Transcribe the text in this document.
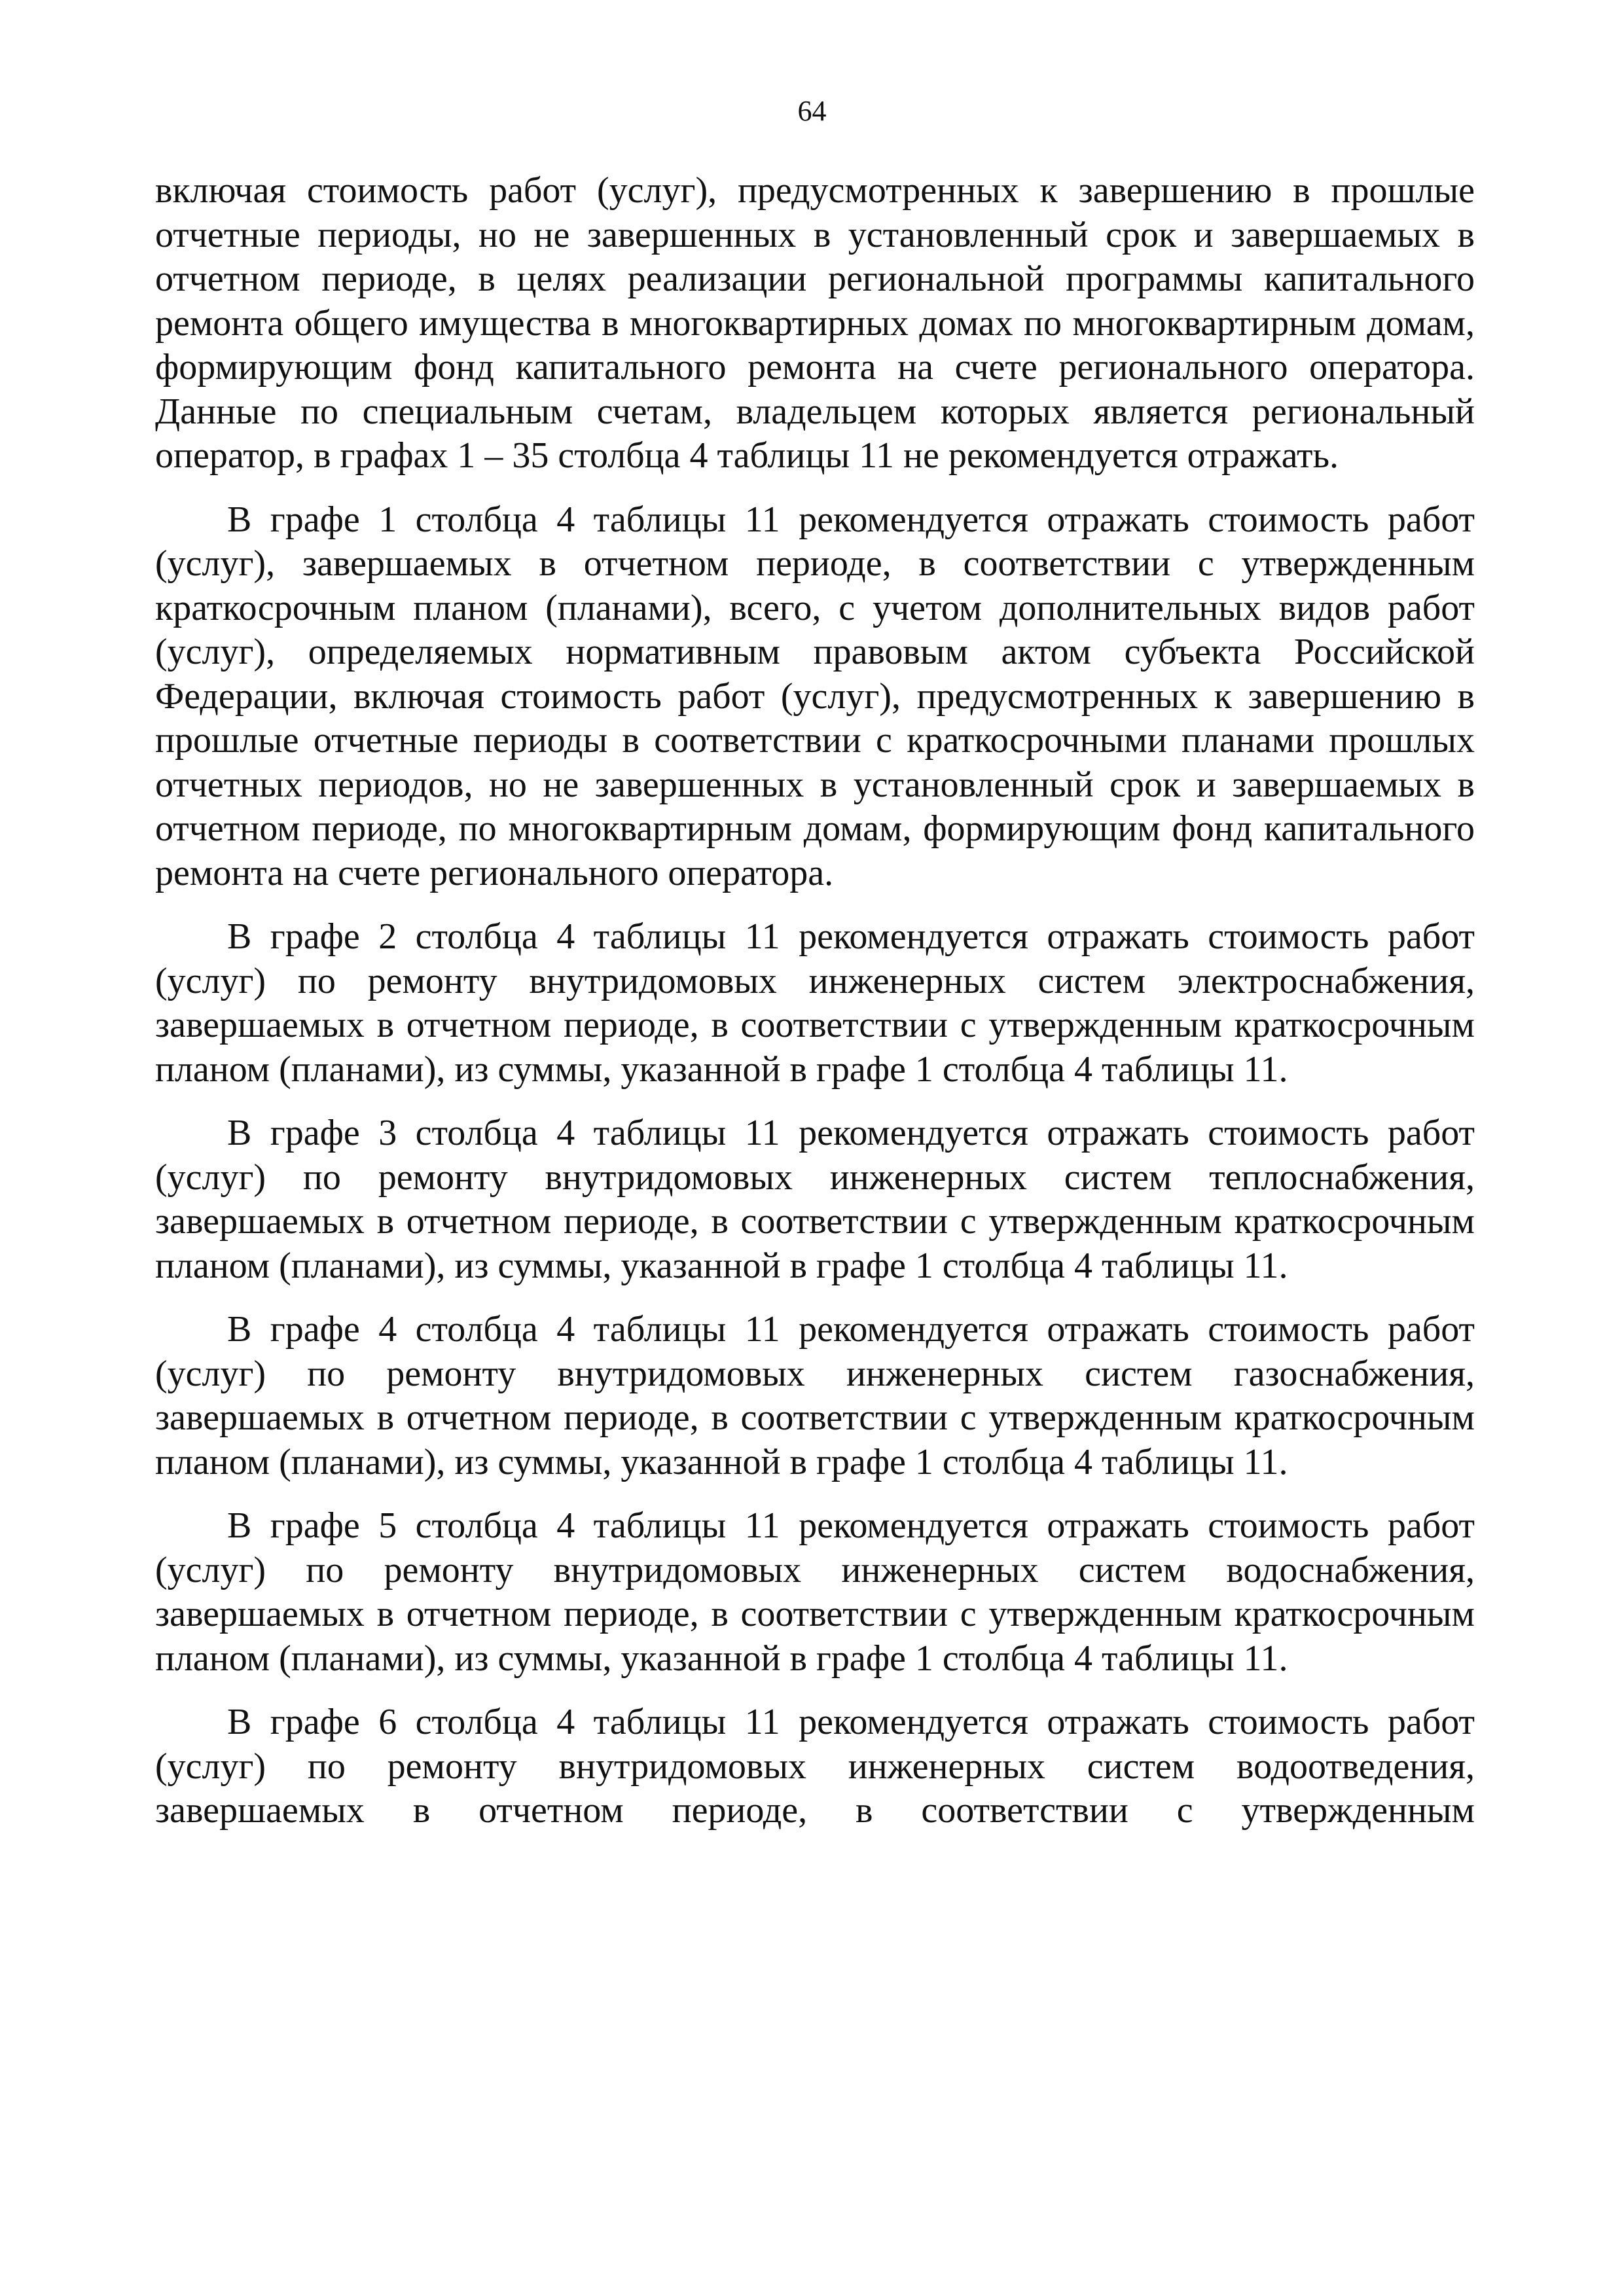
64

включая стоимость работ (услуг), предусмотренных к завершению в прошлые отчетные периоды, но не завершенных в установленный срок и завершаемых в отчетном периоде, в целях реализации региональной программы капитального ремонта общего имущества в многоквартирных домах по многоквартирным домам, формирующим фонд капитального ремонта на счете регионального оператора. Данные по специальным счетам, владельцем которых является региональный оператор, в графах 1 – 35 столбца 4 таблицы 11 не рекомендуется отражать.

В графе 1 столбца 4 таблицы 11 рекомендуется отражать стоимость работ (услуг), завершаемых в отчетном периоде, в соответствии с утвержденным краткосрочным планом (планами), всего, с учетом дополнительных видов работ (услуг), определяемых нормативным правовым актом субъекта Российской Федерации, включая стоимость работ (услуг), предусмотренных к завершению в прошлые отчетные периоды в соответствии с краткосрочными планами прошлых отчетных периодов, но не завершенных в установленный срок и завершаемых в отчетном периоде, по многоквартирным домам, формирующим фонд капитального ремонта на счете регионального оператора.

В графе 2 столбца 4 таблицы 11 рекомендуется отражать стоимость работ (услуг) по ремонту внутридомовых инженерных систем электроснабжения, завершаемых в отчетном периоде, в соответствии с утвержденным краткосрочным планом (планами), из суммы, указанной в графе 1 столбца 4 таблицы 11.

В графе 3 столбца 4 таблицы 11 рекомендуется отражать стоимость работ (услуг) по ремонту внутридомовых инженерных систем теплоснабжения, завершаемых в отчетном периоде, в соответствии с утвержденным краткосрочным планом (планами), из суммы, указанной в графе 1 столбца 4 таблицы 11.

В графе 4 столбца 4 таблицы 11 рекомендуется отражать стоимость работ (услуг) по ремонту внутридомовых инженерных систем газоснабжения, завершаемых в отчетном периоде, в соответствии с утвержденным краткосрочным планом (планами), из суммы, указанной в графе 1 столбца 4 таблицы 11.

В графе 5 столбца 4 таблицы 11 рекомендуется отражать стоимость работ (услуг) по ремонту внутридомовых инженерных систем водоснабжения, завершаемых в отчетном периоде, в соответствии с утвержденным краткосрочным планом (планами), из суммы, указанной в графе 1 столбца 4 таблицы 11.

В графе 6 столбца 4 таблицы 11 рекомендуется отражать стоимость работ (услуг) по ремонту внутридомовых инженерных систем водоотведения, завершаемых в отчетном периоде, в соответствии с утвержденным
